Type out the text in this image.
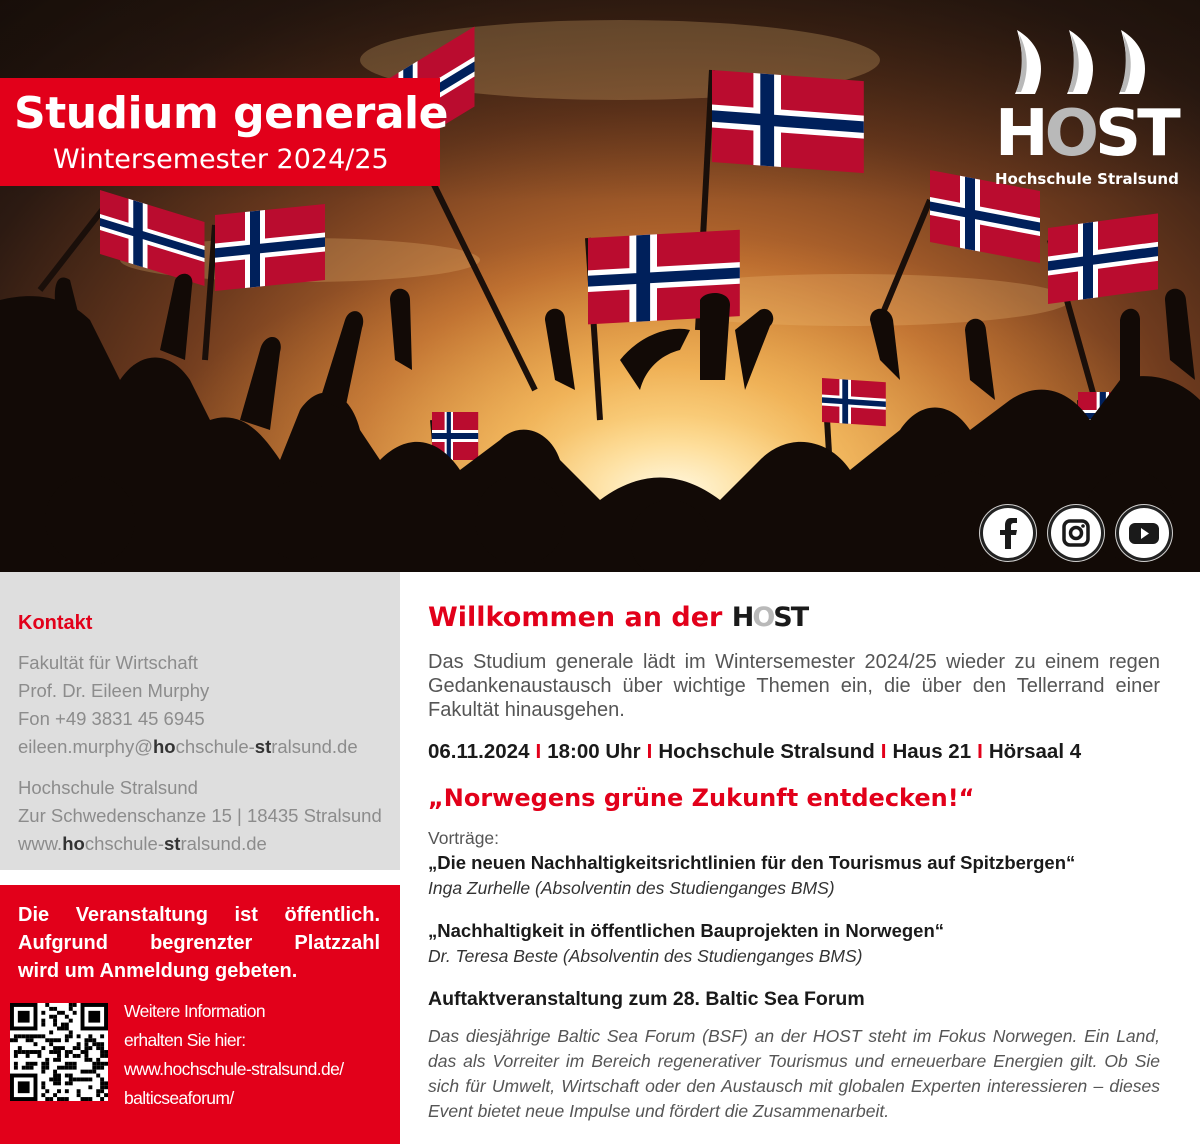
Studium generale
Wintersemester 2024/25	HOST
Hochschule Stralsund
Kontakt
Fakultät für Wirtschaft
Prof. Dr. Eileen Murphy
Fon +49 3831 45 6945
eileen.murphy@hochschule-stralsund.de
Hochschule Stralsund
Zur Schwedenschanze 15 | 18435 Stralsund
www.hochschule-stralsund.de
Die Veranstaltung ist öffentlich.
Aufgrund begrenzter Platzzahl
wird um Anmeldung gebeten.
Weitere Information
erhalten Sie hier:
www.hochschule-stralsund.de/
balticseaforum/
Willkommen an der HOST
Das Studium generale lädt im Wintersemester 2024/25 wieder zu einem regen Gedankenaustausch über wichtige Themen ein, die über den Tellerrand einer Fakultät hinausgehen.
06.11.2024 I 18:00 Uhr I Hochschule Stralsund I Haus 21 I Hörsaal 4
„Norwegens grüne Zukunft entdecken!“
Vorträge:
„Die neuen Nachhaltigkeitsrichtlinien für den Tourismus auf Spitzbergen“
Inga Zurhelle (Absolventin des Studienganges BMS)
„Nachhaltigkeit in öffentlichen Bauprojekten in Norwegen“
Dr. Teresa Beste (Absolventin des Studienganges BMS)
Auftaktveranstaltung zum 28. Baltic Sea Forum
Das diesjährige Baltic Sea Forum (BSF) an der HOST steht im Fokus Norwegen. Ein Land, das als Vorreiter im Bereich regenerativer Tourismus und erneuerbare Energien gilt. Ob Sie sich für Umwelt, Wirtschaft oder den Austausch mit globalen Experten interessieren – dieses Event bietet neue Impulse und fördert die Zusammenarbeit.
